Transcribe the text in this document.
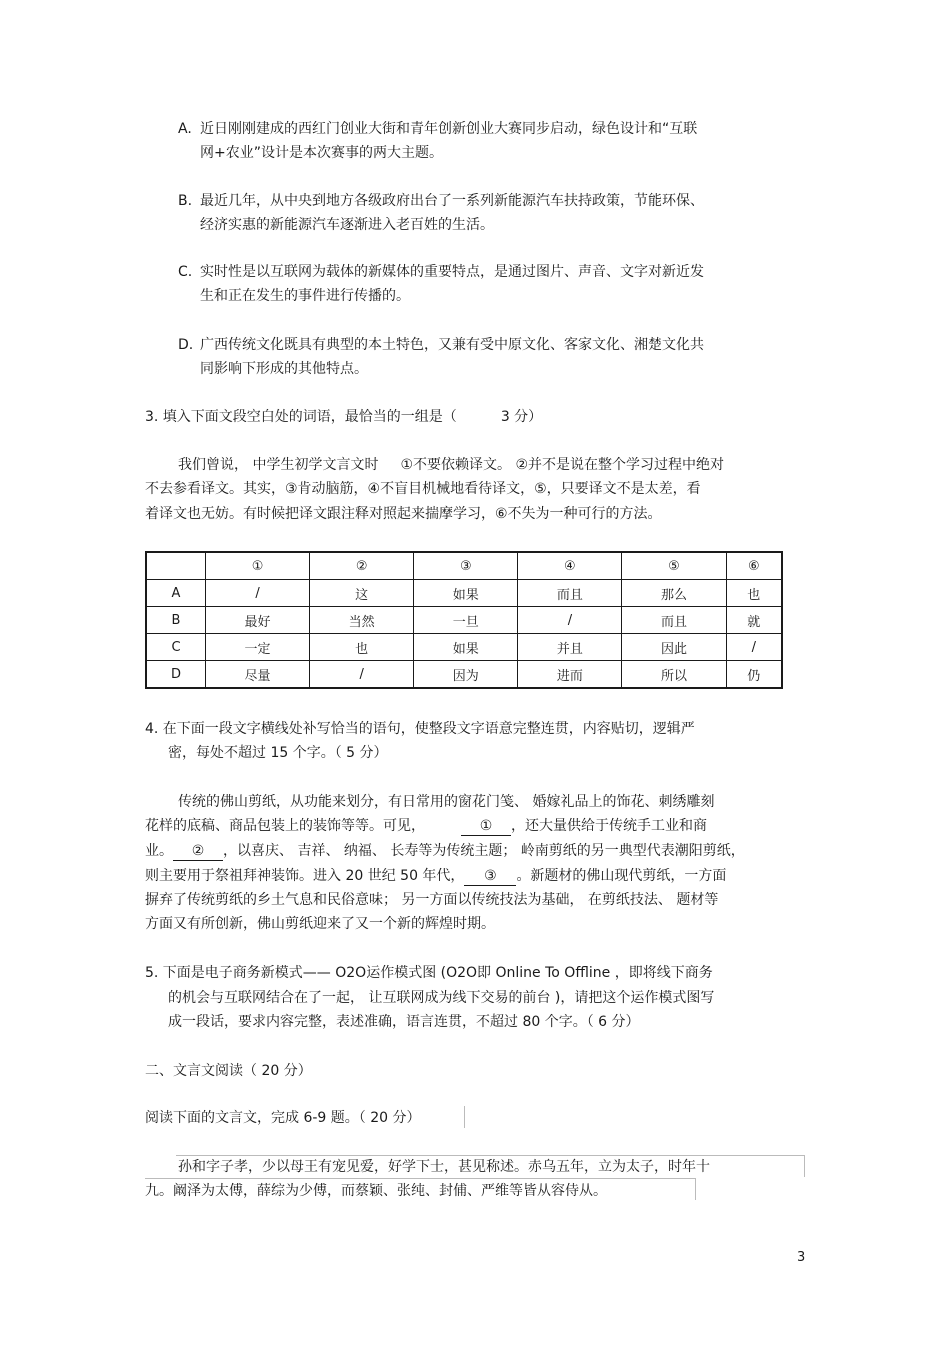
A. 近日刚刚建成的西红门创业大街和青年创新创业大赛同步启动，绿色设计和“互联
网+农业”设计是本次赛事的两大主题。
B. 最近几年，从中央到地方各级政府出台了一系列新能源汽车扶持政策，节能环保、
经济实惠的新能源汽车逐渐进入老百姓的生活。
C. 实时性是以互联网为载体的新媒体的重要特点，是通过图片、声音、文字对新近发
生和正在发生的事件进行传播的。
D. 广西传统文化既具有典型的本土特色，又兼有受中原文化、客家文化、湘楚文化共
同影响下形成的其他特点。
3. 填入下面文段空白处的词语，最恰当的一组是（	3 分）
我们曾说， 中学生初学文言文时 ①不要依赖译文。 ②并不是说在整个学习过程中绝对
不去参看译文。其实，③肯动脑筋，④不盲目机械地看待译文，⑤，只要译文不是太差，看
着译文也无妨。有时候把译文跟注释对照起来揣摩学习，⑥不失为一种可行的方法。
	①	②	③	④	⑤	⑥
A	/	这	如果	而且	那么	也
B	最好	当然	一旦	/	而且	就
C	一定	也	如果	并且	因此	/
D	尽量	/	因为	进而	所以	仍
4. 在下面一段文字横线处补写恰当的语句，使整段文字语意完整连贯，内容贴切，逻辑严
密，每处不超过 15 个字。（ 5 分）
传统的佛山剪纸，从功能来划分，有日常用的窗花门笺、 婚嫁礼品上的饰花、刺绣雕刻
花样的底稿、商品包装上的装饰等等。可见，	① ，还大量供给于传统手工业和商
业。 ② ，以喜庆、 吉祥、 纳福、 长寿等为传统主题； 岭南剪纸的另一典型代表潮阳剪纸，
则主要用于祭祖拜神装饰。进入 20 世纪 50 年代， ③ 。新题材的佛山现代剪纸，一方面
摒弃了传统剪纸的乡土气息和民俗意味； 另一方面以传统技法为基础， 在剪纸技法、 题材等
方面又有所创新，佛山剪纸迎来了又一个新的辉煌时期。
5. 下面是电子商务新模式—— O2O运作模式图 (O2O即 Online To Offline ，即将线下商务
的机会与互联网结合在了一起， 让互联网成为线下交易的前台 )，请把这个运作模式图写
成一段话，要求内容完整，表述准确，语言连贯，不超过 80 个字。（ 6 分）
二、文言文阅读（ 20 分）
阅读下面的文言文，完成 6-9 题。（ 20 分）
孙和字子孝，少以母王有宠见爱，好学下士，甚见称述。赤乌五年，立为太子，时年十
九。阚泽为太傅，薛综为少傅，而蔡颖、张纯、封俌、严维等皆从容侍从。
3
